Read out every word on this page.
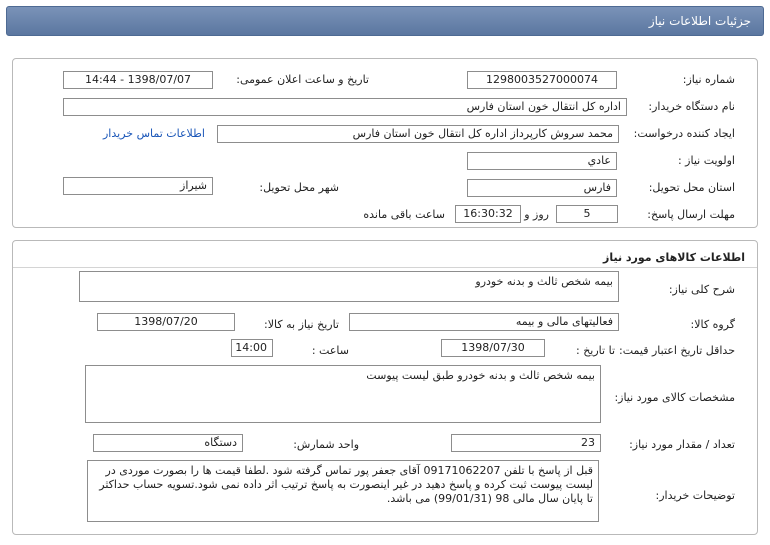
جزئیات اطلاعات نیاز
شماره نیاز:
1298003527000074
تاریخ و ساعت اعلان عمومی:
1398/07/07 - 14:44
نام دستگاه خریدار:
اداره کل انتقال خون استان فارس
ایجاد کننده درخواست:
محمد سروش کارپرداز اداره کل انتقال خون استان فارس
اطلاعات تماس خریدار
اولویت نیاز :
عادي
استان محل تحویل:
فارس
شهر محل تحویل:
شیراز
مهلت ارسال پاسخ:
5
روز و
16:30:32
ساعت باقی مانده
اطلاعات کالاهای مورد نیاز
شرح کلی نیاز:
بیمه شخص ثالث و بدنه خودرو
گروه کالا:
فعالیتهای مالی و بیمه
تاریخ نیاز به کالا:
1398/07/20
حداقل تاریخ اعتبار قیمت:
تا تاریخ :
1398/07/30
ساعت :
14:00
مشخصات کالای مورد نیاز:
بیمه شخص ثالث و بدنه خودرو طبق لیست پیوست
تعداد / مقدار مورد نیاز:
23
واحد شمارش:
دستگاه
توضیحات خریدار:
قبل از پاسخ با تلفن 09171062207 آقای جعفر پور تماس گرفته شود .لطفا قیمت ها را بصورت موردی در لیست پیوست ثبت کرده و پاسخ دهید در غیر اینصورت به پاسخ ترتیب اثر داده نمی شود.تسویه حساب حداکثر تا پایان سال مالی 98 (99/01/31) می باشد.
